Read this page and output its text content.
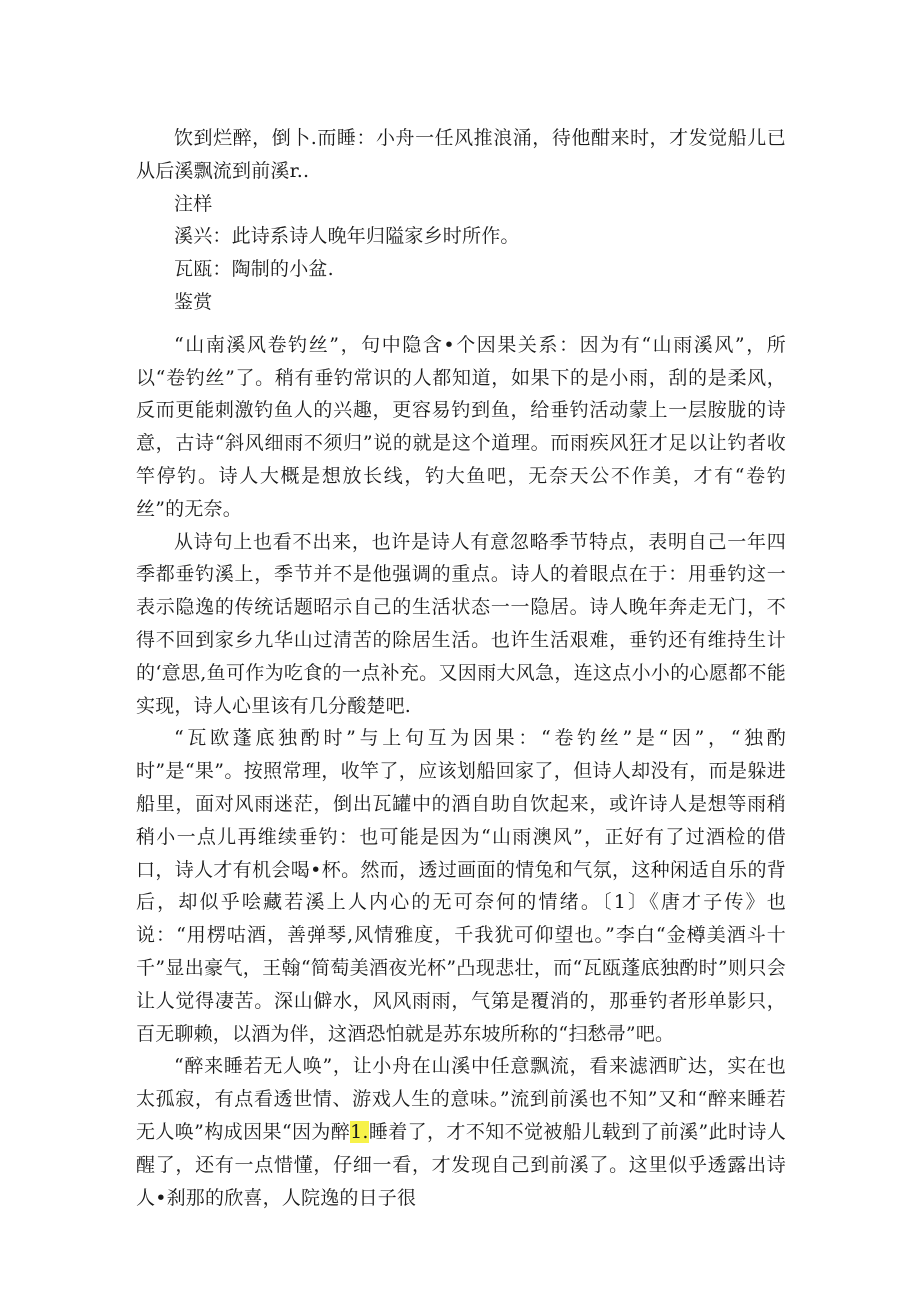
饮到烂醉，倒卜.而睡：小舟一任风推浪涌，待他酣来时，才发觉船儿已从后溪飘流到前溪r..

注样

溪兴：此诗系诗人晚年归隘家乡时所作。

瓦瓯：陶制的小盆.

鉴赏

“山南溪风卷钓丝”，句中隐含•个因果关系：因为有“山雨溪风”，所以“卷钓丝”了。稍有垂钓常识的人都知道，如果下的是小雨，刮的是柔风，反而更能刺激钓鱼人的兴趣，更容易钓到鱼，给垂钓活动蒙上一层胺胧的诗意，古诗“斜风细雨不须归”说的就是这个道理。而雨疾风狂才足以让钓者收竿停钓。诗人大概是想放长线，钓大鱼吧，无奈天公不作美，才有“卷钓丝”的无奈。

从诗句上也看不出来，也许是诗人有意忽略季节特点，表明自己一年四季都垂钓溪上，季节并不是他强调的重点。诗人的着眼点在于：用垂钓这一表示隐逸的传统话题昭示自己的生活状态一一隐居。诗人晚年奔走无门，不得不回到家乡九华山过清苦的除居生活。也许生活艰难，垂钓还有维持生计的‘意思,鱼可作为吃食的一点补充。又因雨大风急，连这点小小的心愿都不能实现，诗人心里该有几分酸楚吧.

“瓦欧蓬底独酌时”与上句互为因果：“卷钓丝”是“因”，“独酌时”是“果”。按照常理，收竿了，应该划船回家了，但诗人却没有，而是躲进船里，面对风雨迷茫，倒出瓦罐中的酒自助自饮起来，或许诗人是想等雨稍稍小一点儿再维续垂钓：也可能是因为“山雨澳风”，正好有了过酒检的借口，诗人才有机会喝•杯。然而，透过画面的情兔和气氛，这种闲适自乐的背后，却似乎哙藏若溪上人内心的无可奈何的情绪。〔1〕《唐才子传》也说：“用楞咕酒，善弹琴,风情雅度，千我犹可仰望也。”李白“金樽美酒斗十千”显出豪气，王翰“简萄美酒夜光杯”凸现悲壮，而“瓦瓯蓬底独酌时”则只会让人觉得凄苦。深山僻水，风风雨雨，气第是覆消的，那垂钓者形单影只，百无聊赖，以酒为伴，这酒恐怕就是苏东坡所称的“扫愁帚”吧。

“醉来睡若无人唤”，让小舟在山溪中任意飘流，看来滤洒旷达，实在也太孤寂，有点看透世情、游戏人生的意味。”流到前溪也不知”又和“醉来睡若无人唤”构成因果“因为醉1.睡着了，才不知不觉被船儿载到了前溪”此时诗人醒了，还有一点惜懂，仔细一看，才发现自己到前溪了。这里似乎透露出诗人•刹那的欣喜，人院逸的日子很
